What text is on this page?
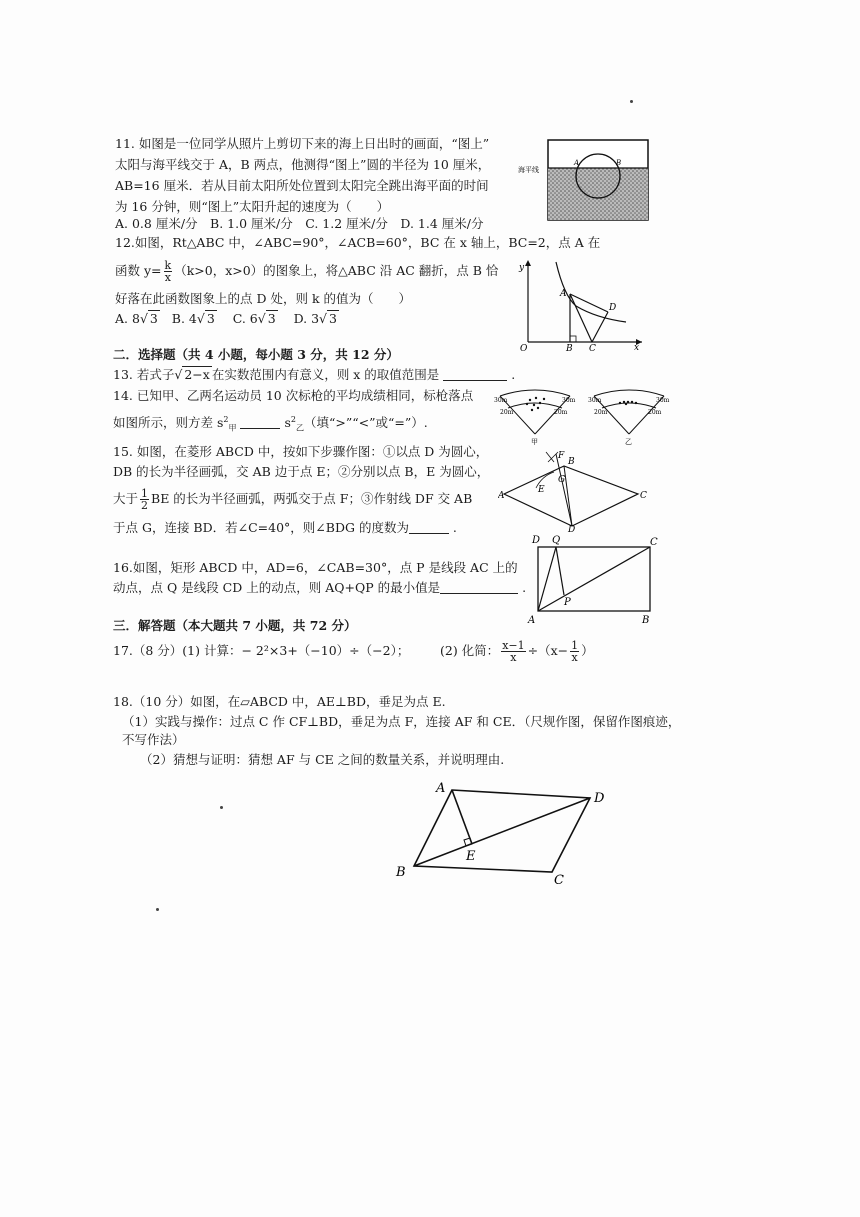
11. 如图是一位同学从照片上剪切下来的海上日出时的画面，“图上”
太阳与海平线交于 A，B 两点，他测得“图上”圆的半径为 10 厘米，
AB=16 厘米．若从目前太阳所处位置到太阳完全跳出海平面的时间
为 16 分钟，则“图上”太阳升起的速度为（　　）
A. 0.8 厘米/分　B. 1.0 厘米/分　C. 1.2 厘米/分　D. 1.4 厘米/分
海平线
A	B
12.如图，Rt△ABC 中，∠ABC=90°，∠ACB=60°，BC 在 x 轴上，BC=2，点 A 在
函数 $y= \frac{k}{x} (k>0$，x>0）的图象上，将△ABC 沿 AC 翻折，点 B 恰
好落在此函数图象上的点 D 处，则 k 的值为（　　）
A. 8√ 3 B. 4√ 3 C. 6√ 3 D. 3√ 3
y
A
D
O	B C	x
二．选择题（共 4 小题，每小题 3 分，共 12 分）
13. 若式子√ 2−x 在实数范围内有意义，则 x 的取值范围是	.
14. 已知甲、乙两名运动员 10 次标枪的平均成绩相同，标枪落点
如图所示，则方差 $s^2_甲$	$s^2_乙$（填“>”“<”或“=”）.
30m	30m
20m	20m
甲
30m	30m
20m	20m
乙
15. 如图，在菱形 ABCD 中，按如下步骤作图：①以点 D 为圆心，
DB 的长为半径画弧，交 AB 边于点 E；②分别以点 B，E 为圆心，
大于 $\frac{1}{2}$ BE 的长为半径画弧，两弧交于点 F；③作射线 DF 交 AB
于点 G，连接 BD．若∠C=40°，则∠BDG 的度数为	.
F
B
G
E
A	C
D
16.如图，矩形 ABCD 中，AD=6，∠CAB=30°，点 P 是线段 AC 上的
动点，点 Q 是线段 CD 上的动点，则 AQ+QP 的最小值是	.
D Q	C
P
A	B
三．解答题（本大题共 7 小题，共 72 分）
17.（8 分）(1) 计算：− 2²×3+（−10）÷（−2）； (2) 化简： $\frac{x-1}{x} \div(x- \frac{1}{x}$ ）
18.（10 分）如图，在▱ABCD 中，AE⊥BD，垂足为点 E.
（1）实践与操作：过点 C 作 CF⊥BD，垂足为点 F，连接 AF 和 CE．（尺规作图，保留作图痕迹，
不写作法）
（2）猜想与证明：猜想 AF 与 CE 之间的数量关系，并说明理由.
A
D
E
B
C
